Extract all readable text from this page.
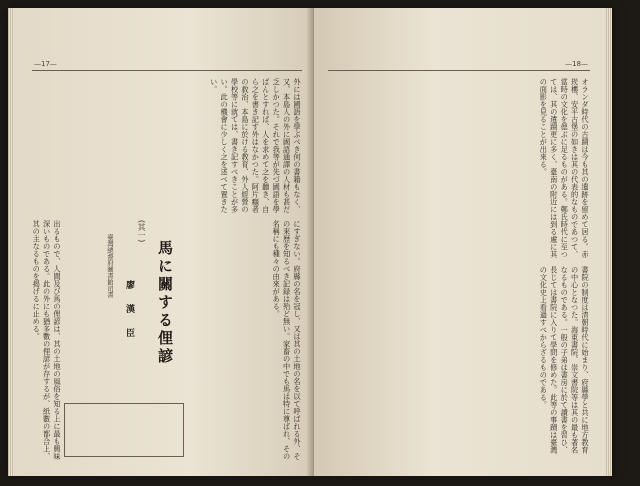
—17—
外には國語を學ぶべき何の書籍もなく、又、本島人の外に國語通譯の人材も甚だ乏しかつた。それで我等が先づ國語を學ばんとすれば、人を求めて之を聽き、自ら之を書き記す外はなかつた。阿片癮者の救治、本島に於ける教育、外人經營の學校等に就ては、書き記すべきことが多い。此の機會に少しく之を述べて置きたい。
にすぎない。府縣の名を冠し、又は其の土地の名を以て呼ばれる外、その來歴を知るべき記録は殆ど無い。家畜の中でも馬は特に尊ばれ、その名稱にも種々の由來がある。
出るもので、人間及び馬の俚諺は、其の土地の風俗を知る上に最も興味深いものである。此の外にも猶多數の俚諺が存するが、紙數の都合上、其の主なるものを揭げるに止める。	馬に關する俚諺
(其一)
廖 漢 臣
臺灣總督府圖書館司書
—18—
オランダ時代の古蹟は今も其の遺跡を留めて居る。赤崁樓、安平古堡の如きは其の代表的なものであつて、當時の文化を偲ぶに足るものがある。鄭氏時代に至つては、其の遺蹟更に多く、臺南の附近には到る處に其の面影を見ることが出來る。
書院の制度は清朝時代に始まり、府縣學と共に地方教育の中心となつた。海東書院、崇文書院等は其の最も著名なるものである。一般の子弟は書房に於て讀書を習ひ、長じては書院に入りて學問を修めた。此等の事蹟は臺灣の文化史上看過すべからざるものである。
